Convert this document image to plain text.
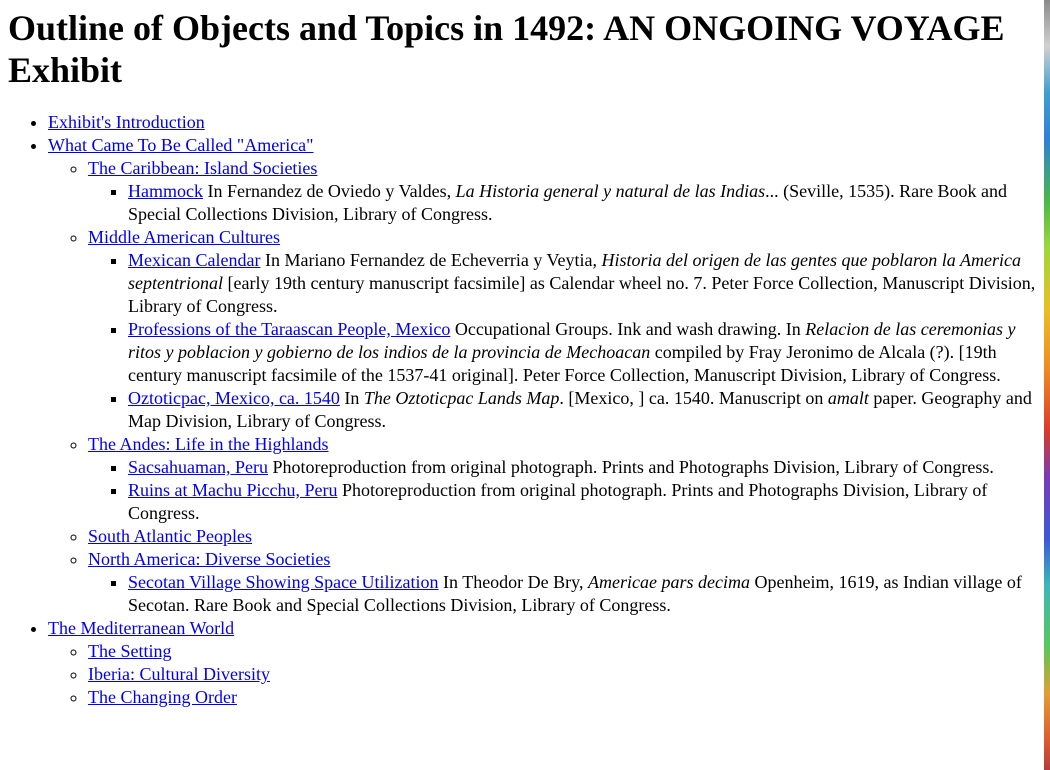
Outline of Objects and Topics in 1492: AN ONGOING VOYAGE Exhibit
• Exhibit's Introduction
• What Came To Be Called "America"
◦ The Caribbean: Island Societies
▪ Hammock In Fernandez de Oviedo y Valdes, La Historia general y natural de las Indias... (Seville, 1535). Rare Book and Special Collections Division, Library of Congress.
◦ Middle American Cultures
▪ Mexican Calendar In Mariano Fernandez de Echeverria y Veytia, Historia del origen de las gentes que poblaron la America septentrional [early 19th century manuscript facsimile] as Calendar wheel no. 7. Peter Force Collection, Manuscript Division, Library of Congress.
▪ Professions of the Taraascan People, Mexico Occupational Groups. Ink and wash drawing. In Relacion de las ceremonias y ritos y poblacion y gobierno de los indios de la provincia de Mechoacan compiled by Fray Jeronimo de Alcala (?). [19th century manuscript facsimile of the 1537-41 original]. Peter Force Collection, Manuscript Division, Library of Congress.
▪ Oztoticpac, Mexico, ca. 1540 In The Oztoticpac Lands Map. [Mexico, ] ca. 1540. Manuscript on amalt paper. Geography and Map Division, Library of Congress.
◦ The Andes: Life in the Highlands
▪ Sacsahuaman, Peru Photoreproduction from original photograph. Prints and Photographs Division, Library of Congress.
▪ Ruins at Machu Picchu, Peru Photoreproduction from original photograph. Prints and Photographs Division, Library of Congress.
◦ South Atlantic Peoples
◦ North America: Diverse Societies
▪ Secotan Village Showing Space Utilization In Theodor De Bry, Americae pars decima Openheim, 1619, as Indian village of Secotan. Rare Book and Special Collections Division, Library of Congress.
• The Mediterranean World
◦ The Setting
◦ Iberia: Cultural Diversity
◦ The Changing Order
